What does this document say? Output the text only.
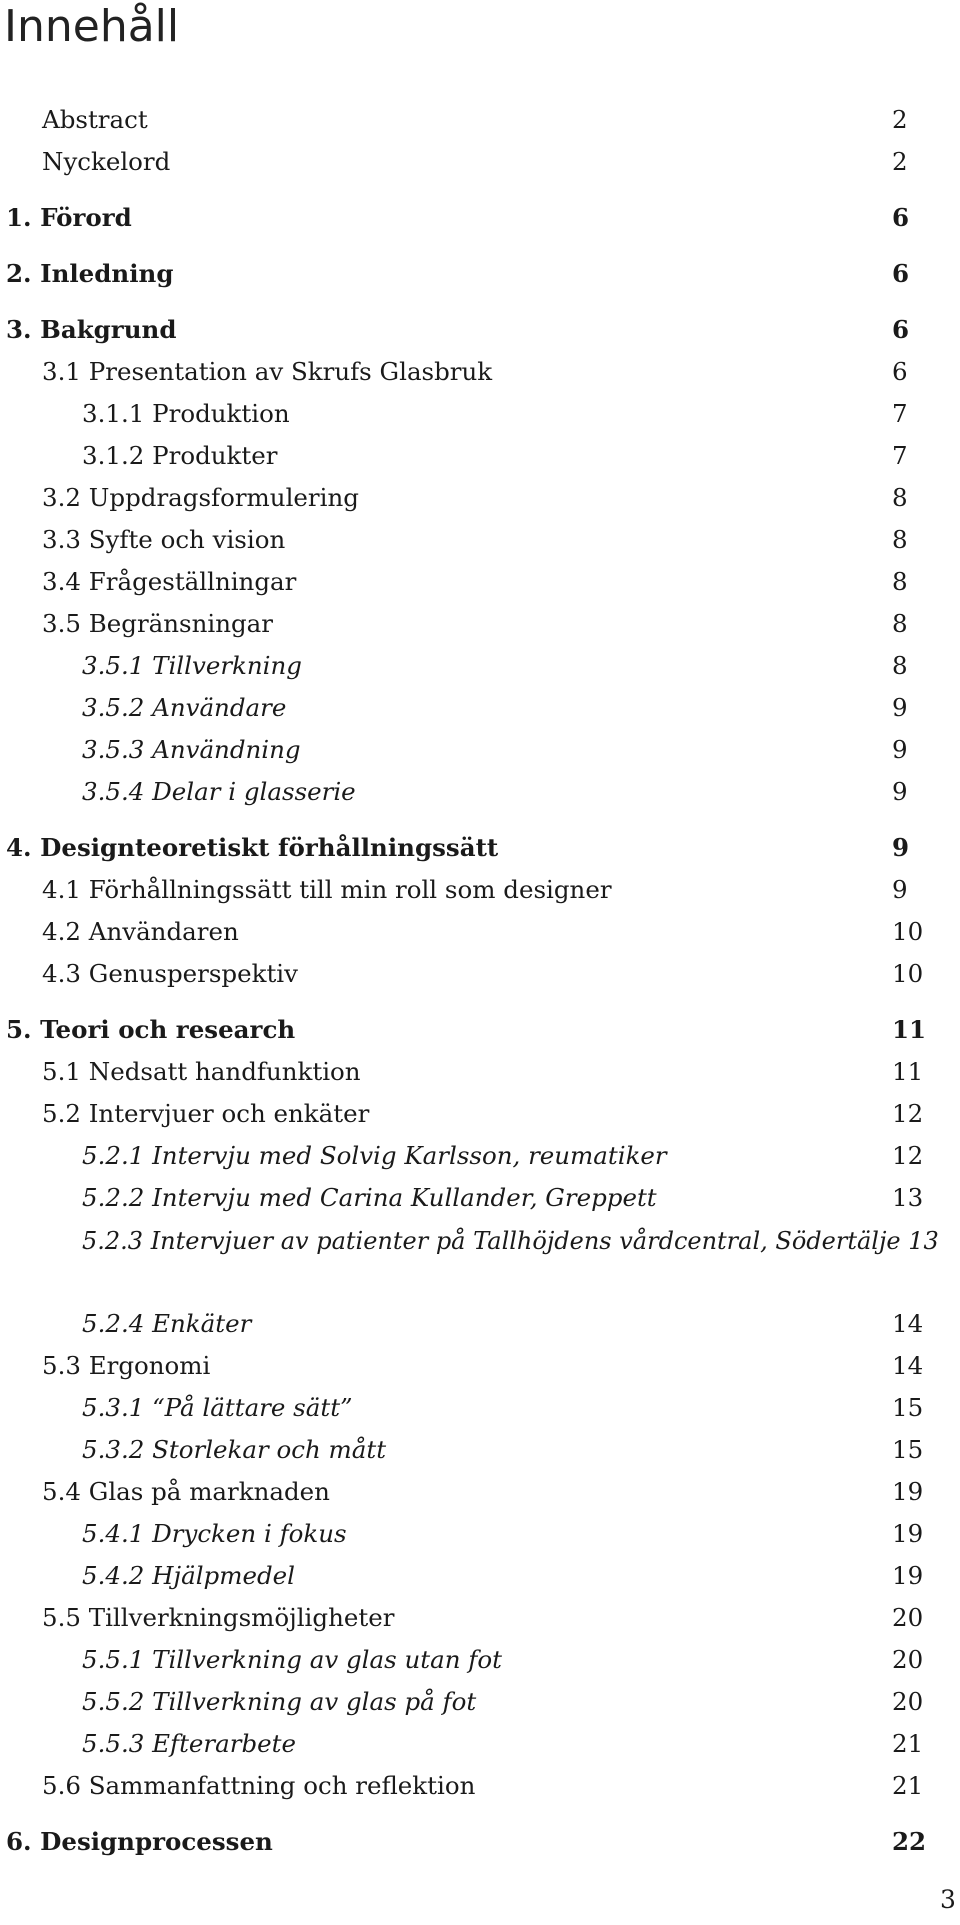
Innehåll
Abstract	2
Nyckelord	2
1. Förord	6
2. Inledning	6
3. Bakgrund	6
3.1 Presentation av Skrufs Glasbruk	6
3.1.1 Produktion	7
3.1.2 Produkter	7
3.2 Uppdragsformulering	8
3.3 Syfte och vision	8
3.4 Frågeställningar	8
3.5 Begränsningar	8
3.5.1 Tillverkning	8
3.5.2 Användare	9
3.5.3 Användning	9
3.5.4 Delar i glasserie	9
4. Designteoretiskt förhållningssätt	9
4.1 Förhållningssätt till min roll som designer	9
4.2 Användaren	10
4.3 Genusperspektiv	10
5. Teori och research	11
5.1 Nedsatt handfunktion	11
5.2 Intervjuer och enkäter	12
5.2.1 Intervju med Solvig Karlsson, reumatiker	12
5.2.2 Intervju med Carina Kullander, Greppett	13
5.2.3 Intervjuer av patienter på Tallhöjdens vårdcentral, Södertälje 13
5.2.4 Enkäter	14
5.3 Ergonomi	14
5.3.1 “På lättare sätt”	15
5.3.2 Storlekar och mått	15
5.4 Glas på marknaden	19
5.4.1 Drycken i fokus	19
5.4.2 Hjälpmedel	19
5.5 Tillverkningsmöjligheter	20
5.5.1 Tillverkning av glas utan fot	20
5.5.2 Tillverkning av glas på fot	20
5.5.3 Efterarbete	21
5.6 Sammanfattning och reflektion	21
6. Designprocessen	22
3
